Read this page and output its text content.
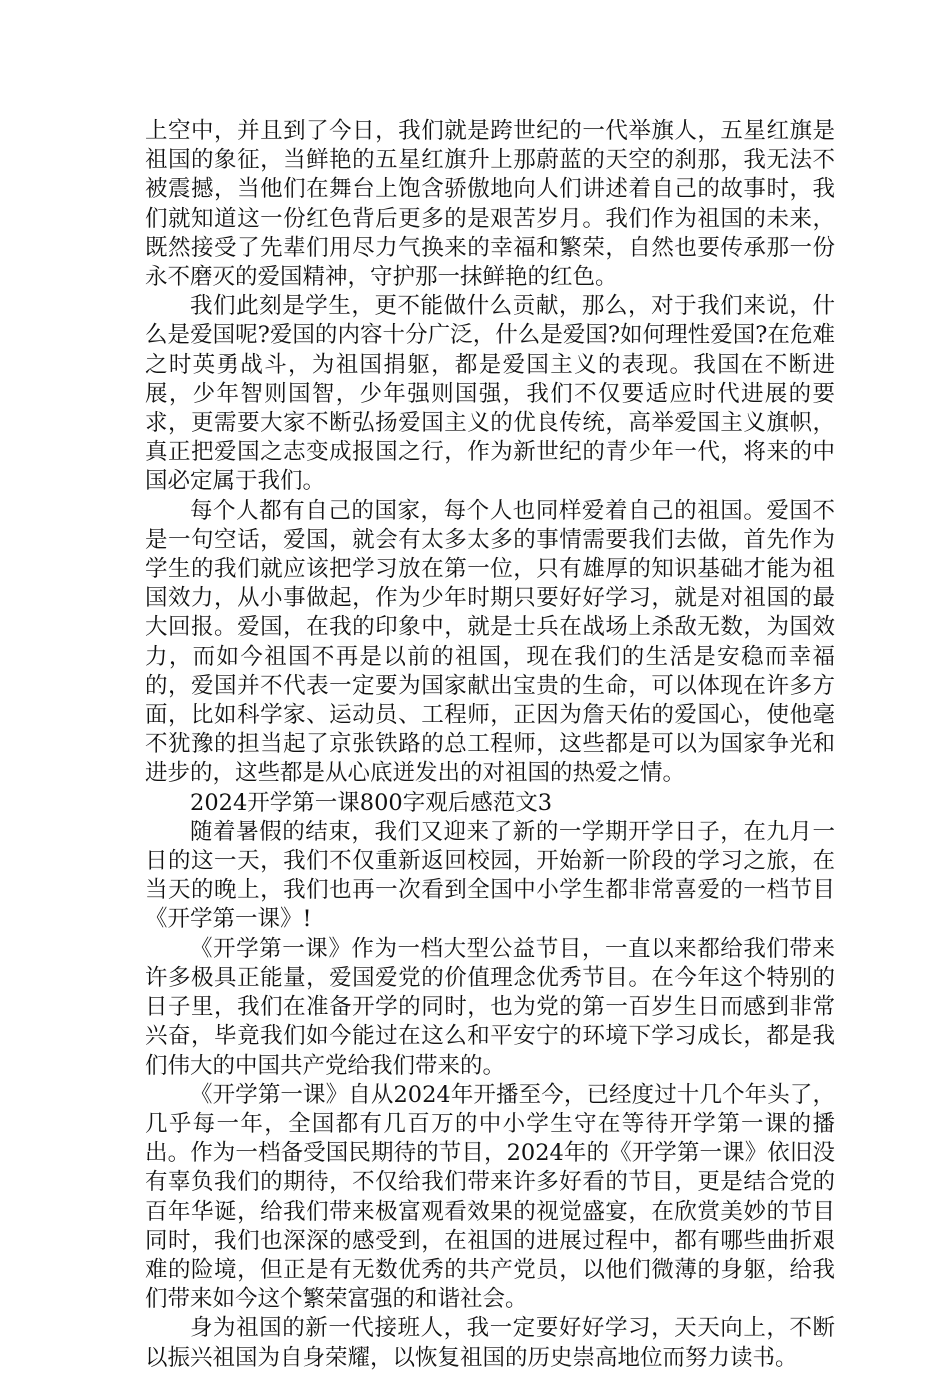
上空中，并且到了今日，我们就是跨世纪的一代举旗人，五星红旗是祖国的象征，当鲜艳的五星红旗升上那蔚蓝的天空的刹那，我无法不被震撼，当他们在舞台上饱含骄傲地向人们讲述着自己的故事时，我们就知道这一份红色背后更多的是艰苦岁月。我们作为祖国的未来，既然接受了先辈们用尽力气换来的幸福和繁荣，自然也要传承那一份永不磨灭的爱国精神，守护那一抹鲜艳的红色。

我们此刻是学生，更不能做什么贡献，那么，对于我们来说，什么是爱国呢?爱国的内容十分广泛，什么是爱国?如何理性爱国?在危难之时英勇战斗，为祖国捐躯，都是爱国主义的表现。我国在不断进展，少年智则国智，少年强则国强，我们不仅要适应时代进展的要求，更需要大家不断弘扬爱国主义的优良传统，高举爱国主义旗帜，真正把爱国之志变成报国之行，作为新世纪的青少年一代，将来的中国必定属于我们。

每个人都有自己的国家，每个人也同样爱着自己的祖国。爱国不是一句空话，爱国，就会有太多太多的事情需要我们去做，首先作为学生的我们就应该把学习放在第一位，只有雄厚的知识基础才能为祖国效力，从小事做起，作为少年时期只要好好学习，就是对祖国的最大回报。爱国，在我的印象中，就是士兵在战场上杀敌无数，为国效力，而如今祖国不再是以前的祖国，现在我们的生活是安稳而幸福的，爱国并不代表一定要为国家献出宝贵的生命，可以体现在许多方面，比如科学家、运动员、工程师，正因为詹天佑的爱国心，使他毫不犹豫的担当起了京张铁路的总工程师，这些都是可以为国家争光和进步的，这些都是从心底迸发出的对祖国的热爱之情。

2024开学第一课800字观后感范文3

随着暑假的结束，我们又迎来了新的一学期开学日子，在九月一日的这一天，我们不仅重新返回校园，开始新一阶段的学习之旅，在当天的晚上，我们也再一次看到全国中小学生都非常喜爱的一档节目《开学第一课》!

《开学第一课》作为一档大型公益节目，一直以来都给我们带来许多极具正能量，爱国爱党的价值理念优秀节目。在今年这个特别的日子里，我们在准备开学的同时，也为党的第一百岁生日而感到非常兴奋，毕竟我们如今能过在这么和平安宁的环境下学习成长，都是我们伟大的中国共产党给我们带来的。

《开学第一课》自从2024年开播至今，已经度过十几个年头了，几乎每一年，全国都有几百万的中小学生守在等待开学第一课的播出。作为一档备受国民期待的节目，2024年的《开学第一课》依旧没有辜负我们的期待，不仅给我们带来许多好看的节目，更是结合党的百年华诞，给我们带来极富观看效果的视觉盛宴，在欣赏美妙的节目同时，我们也深深的感受到，在祖国的进展过程中，都有哪些曲折艰难的险境，但正是有无数优秀的共产党员，以他们微薄的身躯，给我们带来如今这个繁荣富强的和谐社会。

身为祖国的新一代接班人，我一定要好好学习，天天向上，不断以振兴祖国为自身荣耀，以恢复祖国的历史崇高地位而努力读书。
